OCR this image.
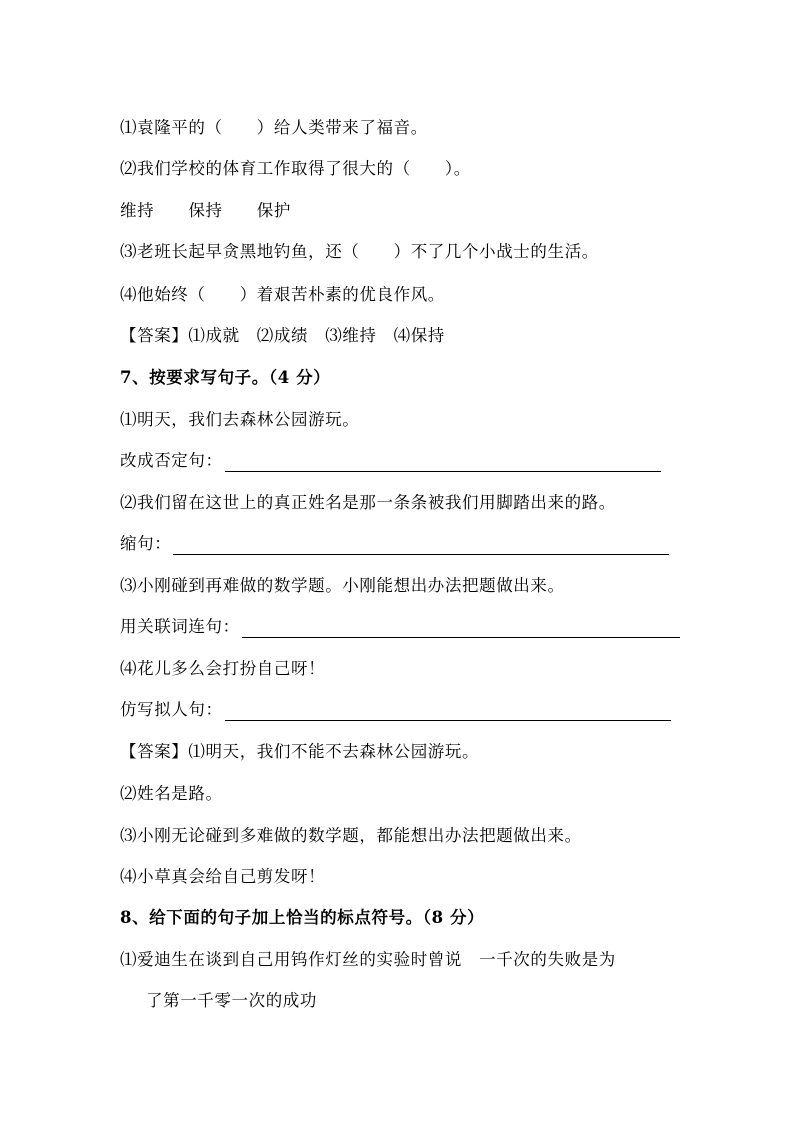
⑴袁隆平的（　　）给人类带来了福音。
⑵我们学校的体育工作取得了很大的（　　）。
维持　　保持　　保护
⑶老班长起早贪黑地钓鱼，还（　　）不了几个小战士的生活。
⑷他始终（　　）着艰苦朴素的优良作风。
【答案】⑴成就　⑵成绩　⑶维持　⑷保持
7、按要求写句子。（4 分）
⑴明天，我们去森林公园游玩。
改成否定句：
⑵我们留在这世上的真正姓名是那一条条被我们用脚踏出来的路。
缩句：
⑶小刚碰到再难做的数学题。小刚能想出办法把题做出来。
用关联词连句：
⑷花儿多么会打扮自己呀！
仿写拟人句：
【答案】⑴明天，我们不能不去森林公园游玩。
⑵姓名是路。
⑶小刚无论碰到多难做的数学题，都能想出办法把题做出来。
⑷小草真会给自己剪发呀！
8、给下面的句子加上恰当的标点符号。（8 分）
⑴爱迪生在谈到自己用钨作灯丝的实验时曾说　一千次的失败是为
了第一千零一次的成功
